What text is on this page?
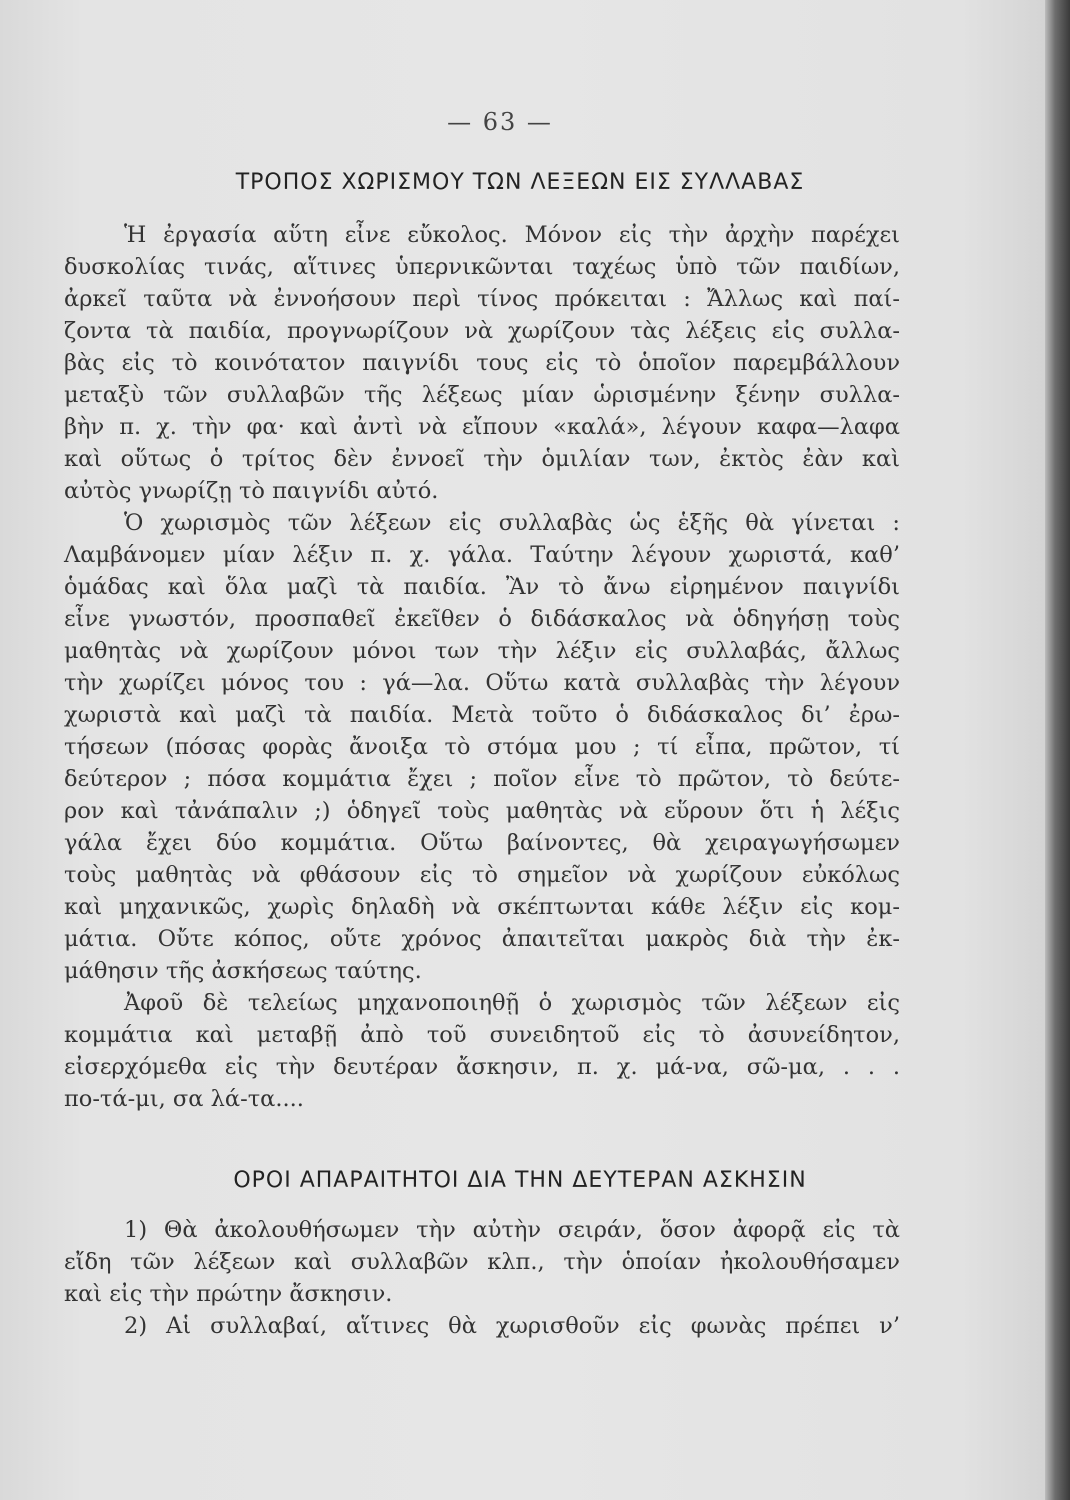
— 63 —
ΤΡΟΠΟΣ ΧΩΡΙΣΜΟΥ ΤΩΝ ΛΕΞΕΩΝ ΕΙΣ ΣΥΛΛΑΒΑΣ
Ἡ ἐργασία αὕτη εἶνε εὔκολος. Μόνον εἰς τὴν ἀρχὴν παρέχει
δυσκολίας τινάς, αἵτινες ὑπερνικῶνται ταχέως ὑπὸ τῶν παιδίων,
ἀρκεῖ ταῦτα νὰ ἐννοήσουν περὶ τίνος πρόκειται : Ἄλλως καὶ παί-
ζοντα τὰ παιδία, προγνωρίζουν νὰ χωρίζουν τὰς λέξεις εἰς συλλα-
βὰς εἰς τὸ κοινότατον παιγνίδι τους εἰς τὸ ὁποῖον παρεμβάλλουν
μεταξὺ τῶν συλλαβῶν τῆς λέξεως μίαν ὡρισμένην ξένην συλλα-
βὴν π. χ. τὴν φα· καὶ ἀντὶ νὰ εἴπουν «καλά», λέγουν καφα—λαφα
καὶ οὕτως ὁ τρίτος δὲν ἐννοεῖ τὴν ὁμιλίαν των, ἐκτὸς ἐὰν καὶ
αὐτὸς γνωρίζῃ τὸ παιγνίδι αὐτό.
Ὁ χωρισμὸς τῶν λέξεων εἰς συλλαβὰς ὡς ἑξῆς θὰ γίνεται :
Λαμβάνομεν μίαν λέξιν π. χ. γάλα. Ταύτην λέγουν χωριστά, καθ’
ὁμάδας καὶ ὅλα μαζὶ τὰ παιδία. Ἂν τὸ ἄνω εἰρημένον παιγνίδι
εἶνε γνωστόν, προσπαθεῖ ἐκεῖθεν ὁ διδάσκαλος νὰ ὁδηγήσῃ τοὺς
μαθητὰς νὰ χωρίζουν μόνοι των τὴν λέξιν εἰς συλλαβάς, ἄλλως
τὴν χωρίζει μόνος του : γά—λα. Οὕτω κατὰ συλλαβὰς τὴν λέγουν
χωριστὰ καὶ μαζὶ τὰ παιδία. Μετὰ τοῦτο ὁ διδάσκαλος δι’ ἐρω-
τήσεων (πόσας φορὰς ἄνοιξα τὸ στόμα μου ; τί εἶπα, πρῶτον, τί
δεύτερον ; πόσα κομμάτια ἔχει ; ποῖον εἶνε τὸ πρῶτον, τὸ δεύτε-
ρον καὶ τἀνάπαλιν ;) ὁδηγεῖ τοὺς μαθητὰς νὰ εὕρουν ὅτι ἡ λέξις
γάλα ἔχει δύο κομμάτια. Οὕτω βαίνοντες, θὰ χειραγωγήσωμεν
τοὺς μαθητὰς νὰ φθάσουν εἰς τὸ σημεῖον νὰ χωρίζουν εὐκόλως
καὶ μηχανικῶς, χωρὶς δηλαδὴ νὰ σκέπτωνται κάθε λέξιν εἰς κομ-
μάτια. Οὔτε κόπος, οὔτε χρόνος ἀπαιτεῖται μακρὸς διὰ τὴν ἐκ-
μάθησιν τῆς ἀσκήσεως ταύτης.
Ἀφοῦ δὲ τελείως μηχανοποιηθῇ ὁ χωρισμὸς τῶν λέξεων εἰς
κομμάτια καὶ μεταβῇ ἀπὸ τοῦ συνειδητοῦ εἰς τὸ ἀσυνείδητον,
εἰσερχόμεθα εἰς τὴν δευτέραν ἄσκησιν, π. χ. μά-να, σῶ-μα, . . .
πο-τά-μι, σα λά-τα....
ΟΡΟΙ ΑΠΑΡΑΙΤΗΤΟΙ ΔΙΑ ΤΗΝ ΔΕΥΤΕΡΑΝ ΑΣΚΗΣΙΝ
1) Θὰ ἀκολουθήσωμεν τὴν αὐτὴν σειράν, ὅσον ἀφορᾷ εἰς τὰ
εἴδη τῶν λέξεων καὶ συλλαβῶν κλπ., τὴν ὁποίαν ἠκολουθήσαμεν
καὶ εἰς τὴν πρώτην ἄσκησιν.
2) Αἱ συλλαβαί, αἵτινες θὰ χωρισθοῦν εἰς φωνὰς πρέπει ν’
